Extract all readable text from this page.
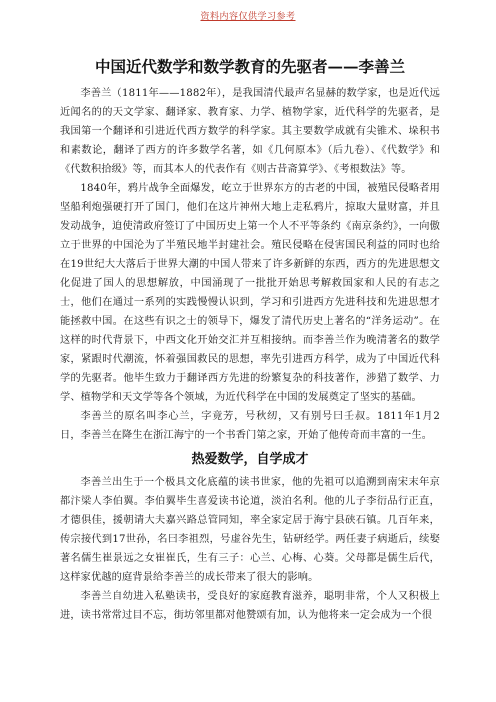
资料内容仅供学习参考
中国近代数学和数学教育的先驱者——李善兰

李善兰（1811年——1882年），是我国清代最声名显赫的数学家，也是近代远近闻名的的天文学家、翻译家、教育家、力学、植物学家，近代科学的先驱者，是我国第一个翻译和引进近代西方数学的科学家。其主要数学成就有尖锥术、垛积书和素数论，翻译了西方的许多数学名著，如《几何原本》（后九卷）、《代数学》和《代数积拾级》等，而其本人的代表作有《则古昔斋算学》、《考根数法》等。

1840年，鸦片战争全面爆发，屹立于世界东方的古老的中国，被殖民侵略者用坚船利炮强硬打开了国门，他们在这片神州大地上走私鸦片，掠取大量财富，并且发动战争，迫使清政府签订了中国历史上第一个人不平等条约《南京条约》，一向傲立于世界的中国沦为了半殖民地半封建社会。殖民侵略在侵害国民利益的同时也给在19世纪大大落后于世界大潮的中国人带来了许多新鲜的东西，西方的先进思想文化促进了国人的思想解放，中国涌现了一批批开始思考解救国家和人民的有志之士，他们在通过一系列的实践慢慢认识到，学习和引进西方先进科技和先进思想才能拯救中国。在这些有识之士的领导下，爆发了清代历史上著名的“洋务运动”。在这样的时代背景下，中西文化开始交汇并互相接纳。而李善兰作为晚清著名的数学家，紧跟时代潮流，怀着强国救民的思想，率先引进西方科学，成为了中国近代科学的先驱者。他毕生致力于翻译西方先进的纷繁复杂的科技著作，涉猎了数学、力学、植物学和天文学等各个领域，为近代科学在中国的发展奠定了坚实的基础。

李善兰的原名叫李心兰，字竟芳，号秋纫，又有别号曰壬叔。1811年1月2日，李善兰在降生在浙江海宁的一个书香门第之家，开始了他传奇而丰富的一生。

热爱数学，自学成才

李善兰出生于一个极具文化底蕴的读书世家，他的先祖可以追溯到南宋末年京都汴梁人李伯翼。李伯翼毕生喜爱读书论道，淡泊名利。他的儿子李衍品行正直，才德俱佳，援朝请大夫嘉兴路总管同知，率全家定居于海宁县硖石镇。几百年来，传宗接代到17世孙，名曰李祖烈，号虚谷先生，钻研经学。两任妻子病逝后，续娶著名儒生崔景远之女崔崔氏，生有三子：心兰、心梅、心葵。父母都是儒生后代，这样家优越的庭背景给李善兰的成长带来了很大的影响。

李善兰自幼进入私塾读书，受良好的家庭教育滋养，聪明非常，个人又积极上进，读书常常过目不忘，街坊邻里都对他赞颂有加，认为他将来一定会成为一个很
